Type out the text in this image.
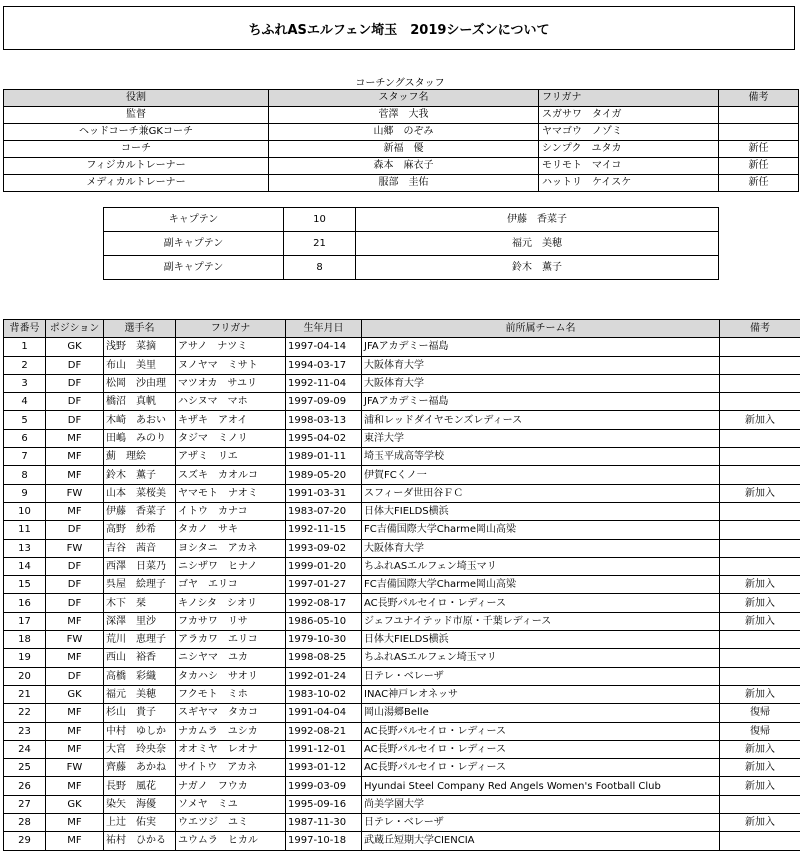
ちふれASエルフェン埼玉　2019シーズンについて
コーチングスタッフ
役割	スタッフ名	フリガナ	備考
監督	菅澤　大我	スガサワ　タイガ	
ヘッドコーチ兼GKコーチ	山郷　のぞみ	ヤマゴウ　ノゾミ	
コーチ	新福　優	シンプク　ユタカ	新任
フィジカルトレーナー	森本　麻衣子	モリモト　マイコ	新任
メディカルトレーナー	服部　圭佑	ハットリ　ケイスケ	新任
キャプテン	10	伊藤　香菜子
副キャプテン	21	福元　美穂
副キャプテン	8	鈴木　薫子
背番号	ポジション	選手名	フリガナ	生年月日	前所属チーム名	備考
1	GK	浅野　菜摘	アサノ　ナツミ	1997-04-14	JFAアカデミー福島	
2	DF	布山　美里	ヌノヤマ　ミサト	1994-03-17	大阪体育大学	
3	DF	松岡　沙由理	マツオカ　サユリ	1992-11-04	大阪体育大学	
4	DF	橋沼　真帆	ハシヌマ　マホ	1997-09-09	JFAアカデミー福島	
5	DF	木崎　あおい	キザキ　アオイ	1998-03-13	浦和レッドダイヤモンズレディース	新加入
6	MF	田嶋　みのり	タジマ　ミノリ	1995-04-02	東洋大学	
7	MF	薊　理絵	アザミ　リエ	1989-01-11	埼玉平成高等学校	
8	MF	鈴木　薫子	スズキ　カオルコ	1989-05-20	伊賀FCくノ一	
9	FW	山本　菜桜美	ヤマモト　ナオミ	1991-03-31	スフィーダ世田谷ＦＣ	新加入
10	MF	伊藤　香菜子	イトウ　カナコ	1983-07-20	日体大FIELDS横浜	
11	DF	高野　紗希	タカノ　サキ	1992-11-15	FC吉備国際大学Charme岡山高梁	
13	FW	吉谷　茜音	ヨシタニ　アカネ	1993-09-02	大阪体育大学	
14	DF	西澤　日菜乃	ニシザワ　ヒナノ	1999-01-20	ちふれASエルフェン埼玉マリ	
15	DF	呉屋　絵理子	ゴヤ　エリコ	1997-01-27	FC吉備国際大学Charme岡山高梁	新加入
16	DF	木下　栞	キノシタ　シオリ	1992-08-17	AC長野パルセイロ・レディース	新加入
17	MF	深澤　里沙	フカサワ　リサ	1986-05-10	ジェフユナイテッド市原・千葉レディース	新加入
18	FW	荒川　恵理子	アラカワ　エリコ	1979-10-30	日体大FIELDS横浜	
19	MF	西山　裕香	ニシヤマ　ユカ	1998-08-25	ちふれASエルフェン埼玉マリ	
20	DF	高橋　彩織	タカハシ　サオリ	1992-01-24	日テレ・ベレーザ	
21	GK	福元　美穂	フクモト　ミホ	1983-10-02	INAC神戸レオネッサ	新加入
22	MF	杉山　貴子	スギヤマ　タカコ	1991-04-04	岡山湯郷Belle	復帰
23	MF	中村　ゆしか	ナカムラ　ユシカ	1992-08-21	AC長野パルセイロ・レディース	復帰
24	MF	大宮　玲央奈	オオミヤ　レオナ	1991-12-01	AC長野パルセイロ・レディース	新加入
25	FW	齊藤　あかね	サイトウ　アカネ	1993-01-12	AC長野パルセイロ・レディース	新加入
26	MF	長野　風花	ナガノ　フウカ	1999-03-09	Hyundai Steel Company Red Angels Women's Football Club	新加入
27	GK	染矢　海優	ソメヤ　ミユ	1995-09-16	尚美学園大学	
28	MF	上辻　佑実	ウエツジ　ユミ	1987-11-30	日テレ・ベレーザ	新加入
29	MF	祐村　ひかる	ユウムラ　ヒカル	1997-10-18	武蔵丘短期大学CIENCIA	
